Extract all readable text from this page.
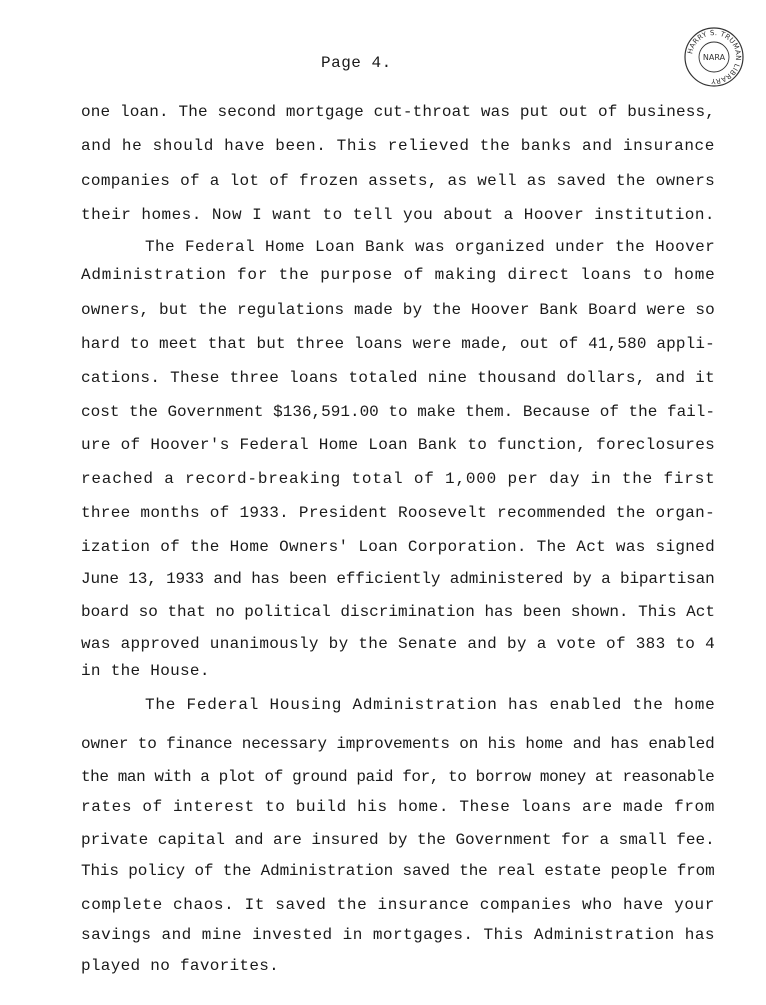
Page 4.
HARRY S. TRUMAN LIBRARY
NARA
one loan. The second mortgage cut-throat was put out of business,
and he should have been. This relieved the banks and insurance
companies of a lot of frozen assets, as well as saved the owners
their homes. Now I want to tell you about a Hoover institution.
The Federal Home Loan Bank was organized under the Hoover
Administration for the purpose of making direct loans to home
owners, but the regulations made by the Hoover Bank Board were so
hard to meet that but three loans were made, out of 41,580 appli-
cations. These three loans totaled nine thousand dollars, and it
cost the Government $136,591.00 to make them. Because of the fail-
ure of Hoover's Federal Home Loan Bank to function, foreclosures
reached a record-breaking total of 1,000 per day in the first
three months of 1933. President Roosevelt recommended the organ-
ization of the Home Owners' Loan Corporation. The Act was signed
June 13, 1933 and has been efficiently administered by a bipartisan
board so that no political discrimination has been shown. This Act
was approved unanimously by the Senate and by a vote of 383 to 4
in the House.
The Federal Housing Administration has enabled the home
owner to finance necessary improvements on his home and has enabled
the man with a plot of ground paid for, to borrow money at reasonable
rates of interest to build his home. These loans are made from
private capital and are insured by the Government for a small fee.
This policy of the Administration saved the real estate people from
complete chaos. It saved the insurance companies who have your
savings and mine invested in mortgages. This Administration has
played no favorites.
